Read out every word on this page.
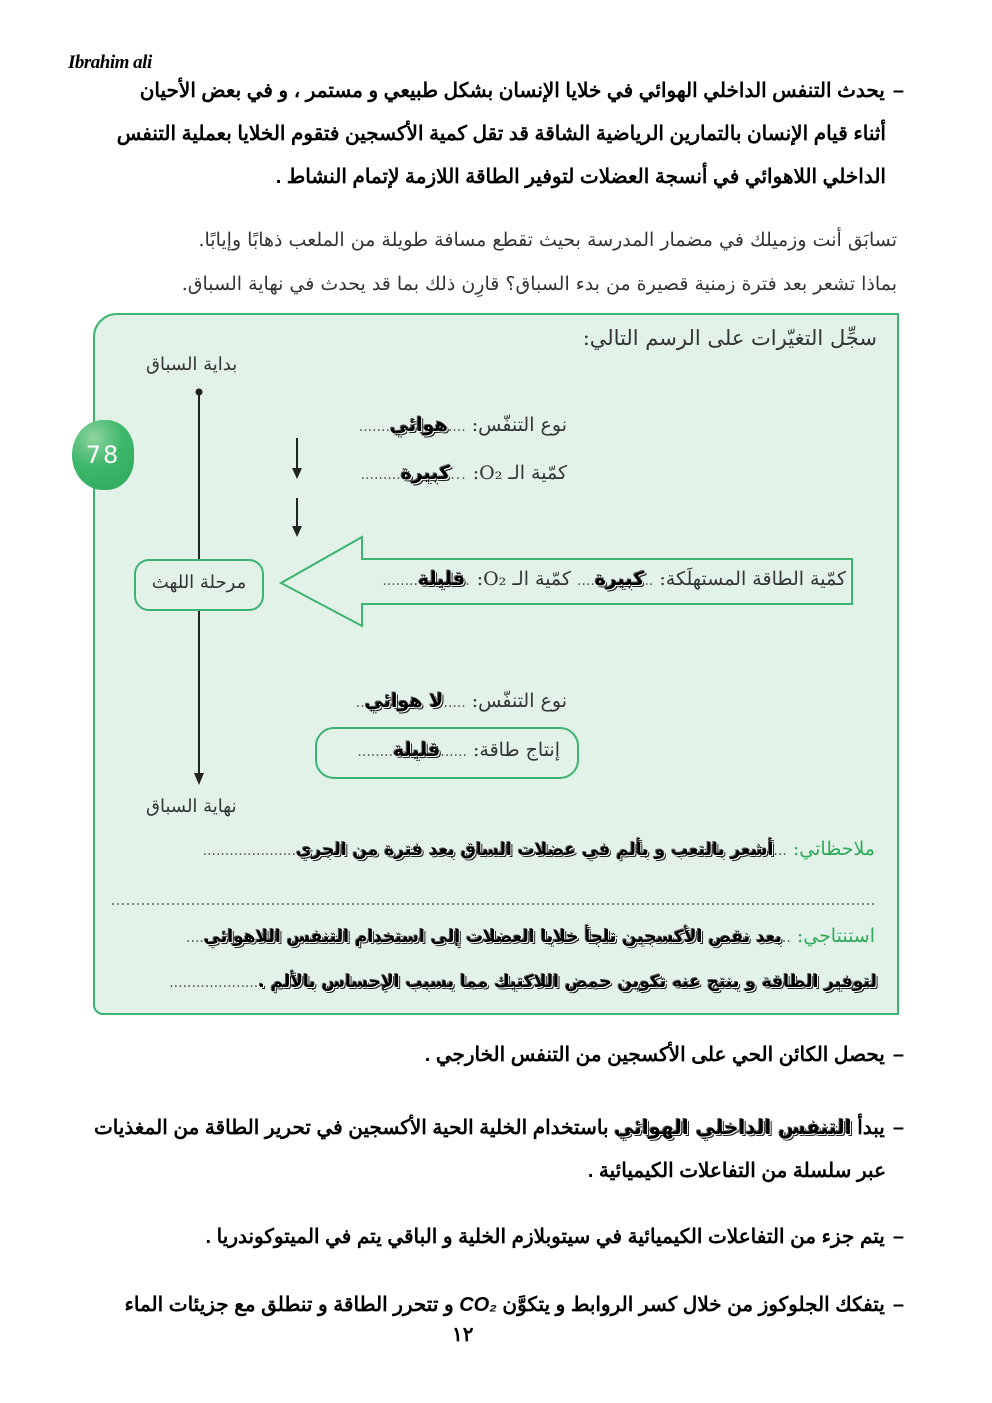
Ibrahim ali
–يحدث التنفس الداخلي الهوائي في خلايا الإنسان بشكل طبيعي و مستمر ، و في بعض الأحيان
أثناء قيام الإنسان بالتمارين الرياضية الشاقة قد تقل كمية الأكسجين فتقوم الخلايا بعملية التنفس
الداخلي اللاهوائي في أنسجة العضلات لتوفير الطاقة اللازمة لإتمام النشاط .
تسابَق أنت وزميلك في مضمار المدرسة بحيث تقطع مسافة طويلة من الملعب ذهابًا وإيابًا.
بماذا تشعر بعد فترة زمنية قصيرة من بدء السباق؟ قارِن ذلك بما قد يحدث في نهاية السباق.
78
سجِّل التغيّرات على الرسم التالي:
بداية السباق
مرحلة اللهث
نهاية السباق
نوع التنفّس: ....هوائي.......
كمّية الـ O₂: ...كبيرة.........
كمّية الطاقة المستهلَكة: ..كبيرة.... كمّية الـ O₂: .قليلة........
نوع التنفّس: .....لا هوائي..
إنتاج طاقة: ......قليلة........
ملاحظاتي: ...أشعر بالتعب و بألم في عضلات الساق بعد فترة من الجري.....................
استنتاجي: ..بعد نقص الأكسجين تلجأ خلايا العضلات إلى استخدام التنفس اللاهوائي....
لتوفير الطاقة و ينتج عنه تكوين حمض اللاكتيك مما يسبب الإحساس بالألم .....................
–يحصل الكائن الحي على الأكسجين من التنفس الخارجي .
–يبدأ التنفس الداخلي الهوائي باستخدام الخلية الحية الأكسجين في تحرير الطاقة من المغذيات
عبر سلسلة من التفاعلات الكيميائية .
–يتم جزء من التفاعلات الكيميائية في سيتوبلازم الخلية و الباقي يتم في الميتوكوندريا .
–يتفكك الجلوكوز من خلال كسر الروابط و يتكوَّن CO₂ و تتحرر الطاقة و تنطلق مع جزيئات الماء
١٢
